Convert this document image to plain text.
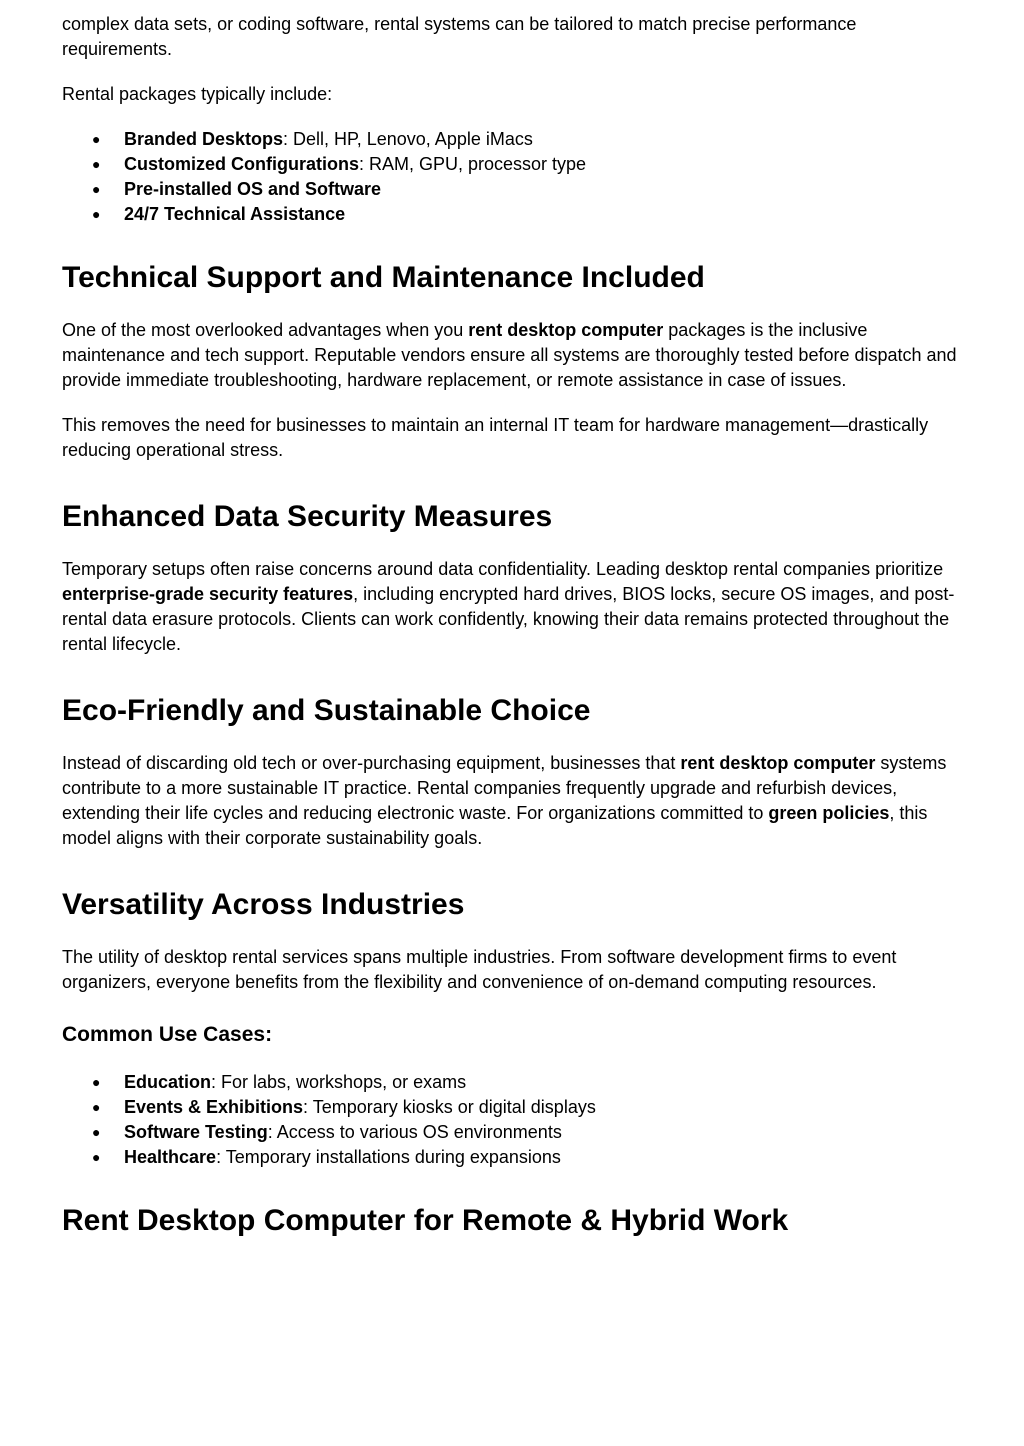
complex data sets, or coding software, rental systems can be tailored to match precise performance requirements.

Rental packages typically include:

● Branded Desktops: Dell, HP, Lenovo, Apple iMacs
● Customized Configurations: RAM, GPU, processor type
● Pre-installed OS and Software
● 24/7 Technical Assistance
Technical Support and Maintenance Included

One of the most overlooked advantages when you rent desktop computer packages is the inclusive maintenance and tech support. Reputable vendors ensure all systems are thoroughly tested before dispatch and provide immediate troubleshooting, hardware replacement, or remote assistance in case of issues.

This removes the need for businesses to maintain an internal IT team for hardware management—drastically reducing operational stress.

Enhanced Data Security Measures

Temporary setups often raise concerns around data confidentiality. Leading desktop rental companies prioritize enterprise-grade security features, including encrypted hard drives, BIOS locks, secure OS images, and post-rental data erasure protocols. Clients can work confidently, knowing their data remains protected throughout the rental lifecycle.

Eco-Friendly and Sustainable Choice

Instead of discarding old tech or over-purchasing equipment, businesses that rent desktop computer systems contribute to a more sustainable IT practice. Rental companies frequently upgrade and refurbish devices, extending their life cycles and reducing electronic waste. For organizations committed to green policies, this model aligns with their corporate sustainability goals.

Versatility Across Industries

The utility of desktop rental services spans multiple industries. From software development firms to event organizers, everyone benefits from the flexibility and convenience of on-demand computing resources.

Common Use Cases:
● Education: For labs, workshops, or exams
● Events & Exhibitions: Temporary kiosks or digital displays
● Software Testing: Access to various OS environments
● Healthcare: Temporary installations during expansions
Rent Desktop Computer for Remote & Hybrid Work
